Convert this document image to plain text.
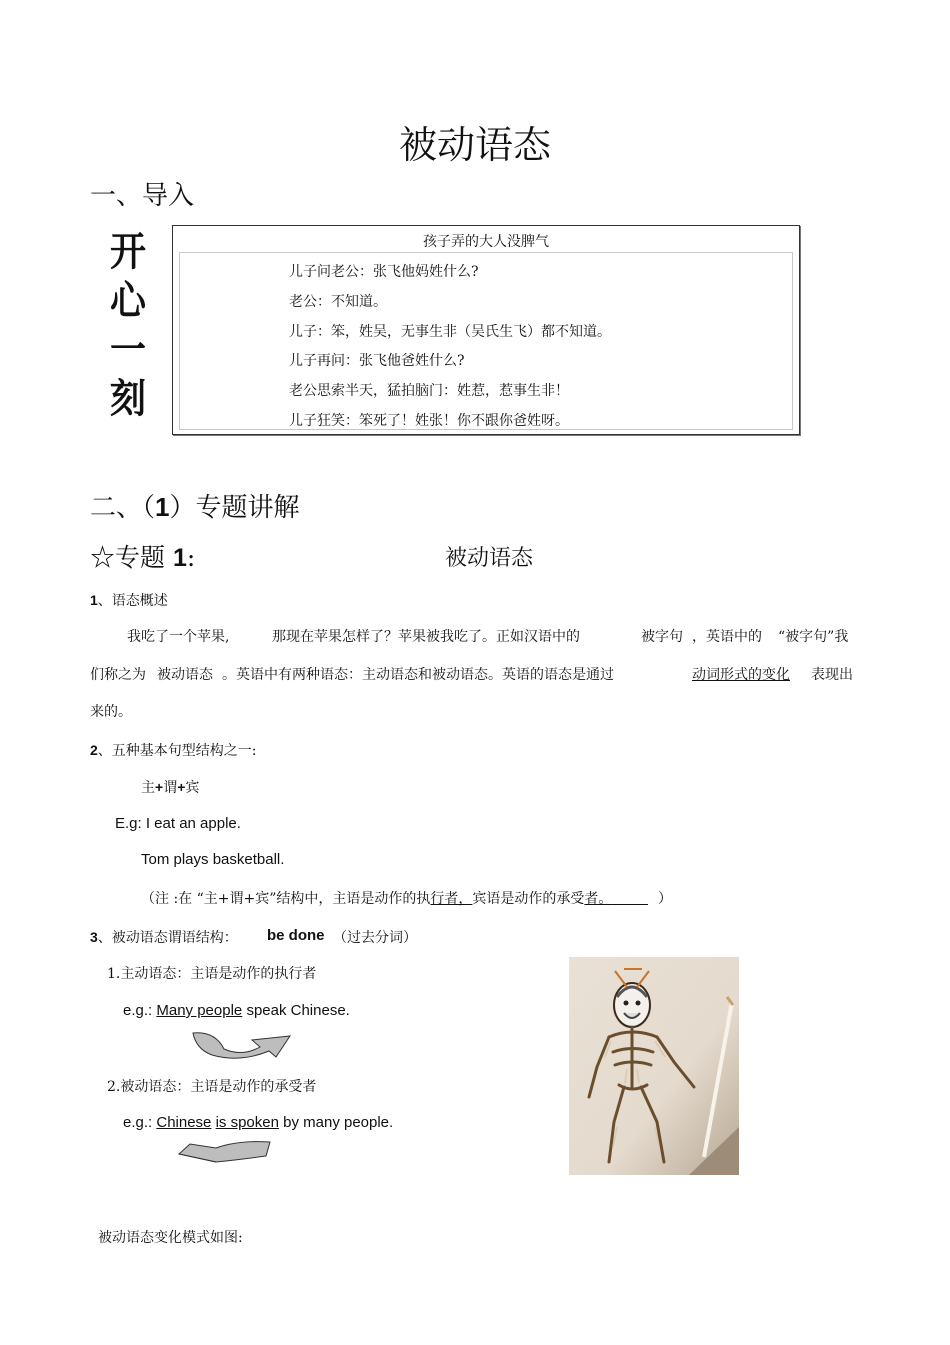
被动语态
一、导入
开
心
一
刻
孩子弄的大人没脾气
儿子问老公：张飞他妈姓什么?
老公：不知道。
儿子：笨，姓吴，无事生非（吴氏生飞）都不知道。
儿子再问：张飞他爸姓什么?
老公思索半天，猛拍脑门：姓惹，惹事生非！
儿子狂笑：笨死了！姓张！你不跟你爸姓呀。
二、（1）专题讲解
☆专题 1:	被动语态
1、语态概述
我吃了一个苹果,	那现在苹果怎样了？苹果被我吃了。正如汉语中的	被字句 ，英语中的 “被字句”我
们称之为 被动语态 。英语中有两种语态：主动语态和被动语态。英语的语态是通过	动词形式的变化	表现出
来的。
2、五种基本句型结构之一:
主+谓+宾
E.g: I eat an apple.
Tom plays basketball.
（注 :在 “主+谓+宾”结构中，主语是动作的执行者，宾语是动作的承受者。	）
3、被动语态谓语结构： be done （过去分词）
1.主动语态：主语是动作的执行者
e.g.: Many people speak Chinese.
2.被动语态：主语是动作的承受者
e.g.: Chinese is spoken by many people.
被动语态变化模式如图:
